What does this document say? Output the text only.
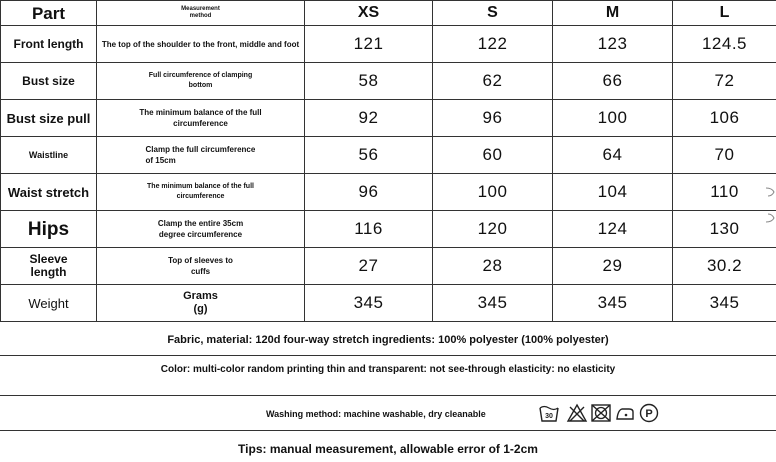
Part	Measurement method	XS	S	M	L
Front length	The top of the shoulder to the front, middle and foot	121	122	123	124.5
Bust size	Full circumference of clamping bottom	58	62	66	72
Bust size pull	The minimum balance of the full circumference	92	96	100	106
Waistline	Clamp the full circumference of 15cm	56	60	64	70
Waist stretch	The minimum balance of the full circumference	96	100	104	110
Hips	Clamp the entire 35cm degree circumference	116	120	124	130
Sleeve length	Top of sleeves to cuffs	27	28	29	30.2
Weight	Grams (g)	345	345	345	345
Fabric, material: 120d four-way stretch ingredients: 100% polyester (100% polyester)
Color: multi-color random printing thin and transparent: not see-through elasticity: no elasticity
Washing method: machine washable, dry cleanable	30	P
Tips: manual measurement, allowable error of 1-2cm
